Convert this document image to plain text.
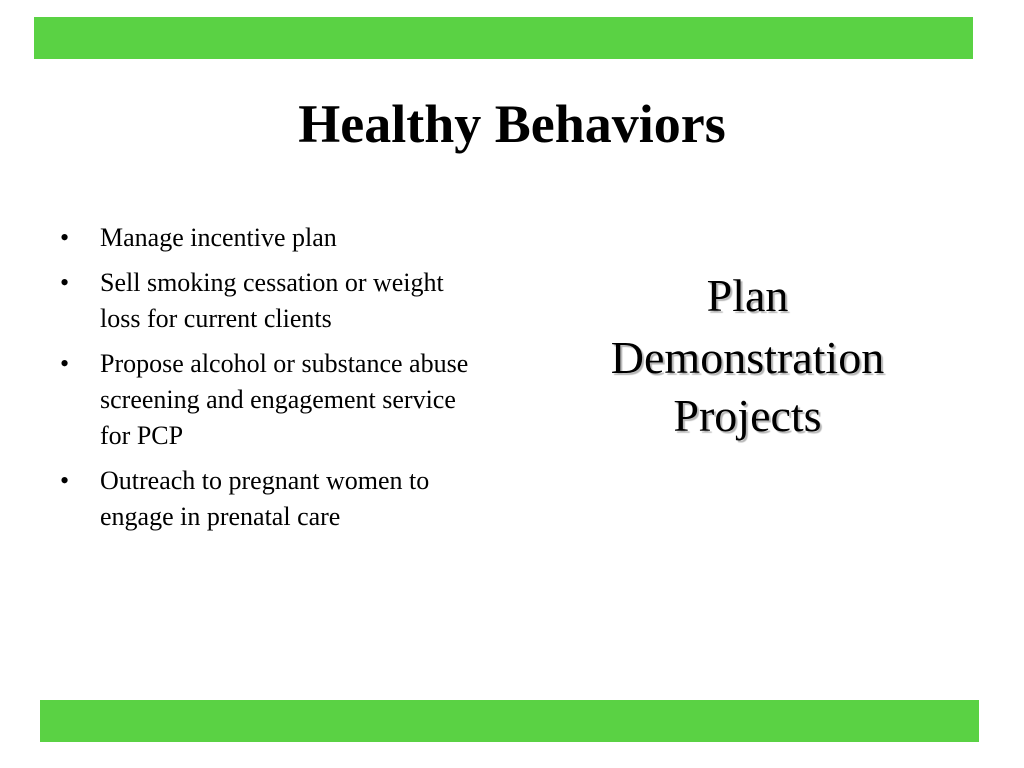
Healthy Behaviors
• Manage incentive plan
• Sell smoking cessation or weight loss for current clients
• Propose alcohol or substance abuse screening and engagement service for PCP
• Outreach to pregnant women to engage in prenatal care
Plan
Demonstration
Projects
